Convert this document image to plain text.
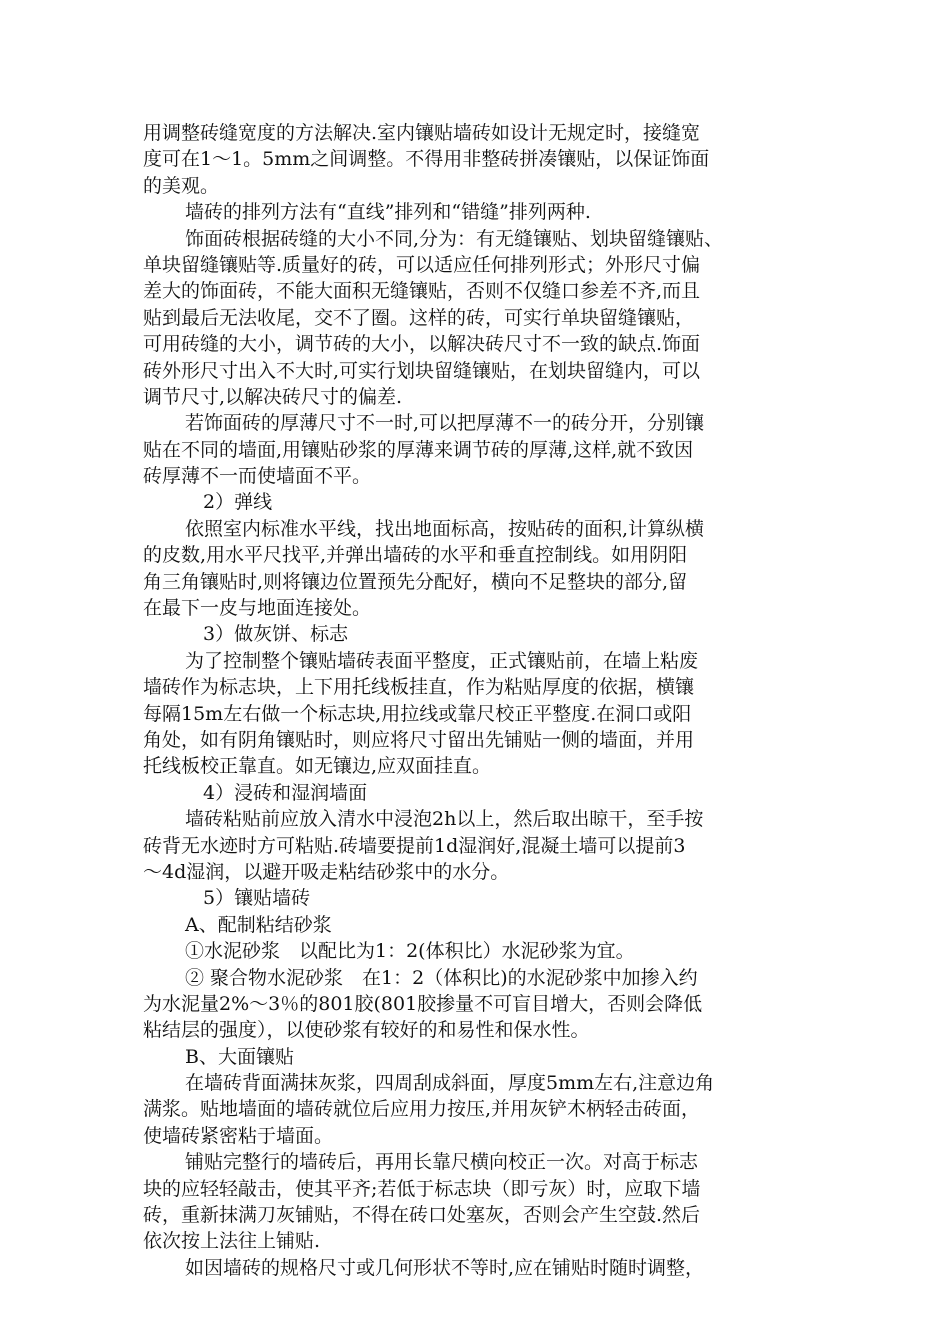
用调整砖缝宽度的方法解决.室内镶贴墙砖如设计无规定时，接缝宽
度可在1～1。5mm之间调整。不得用非整砖拼凑镶贴，以保证饰面
的美观。
墙砖的排列方法有“直线”排列和“错缝”排列两种.
饰面砖根据砖缝的大小不同,分为：有无缝镶贴、划块留缝镶贴、
单块留缝镶贴等.质量好的砖，可以适应任何排列形式；外形尺寸偏
差大的饰面砖，不能大面积无缝镶贴，否则不仅缝口参差不齐,而且
贴到最后无法收尾，交不了圈。这样的砖，可实行单块留缝镶贴，
可用砖缝的大小，调节砖的大小，以解决砖尺寸不一致的缺点.饰面
砖外形尺寸出入不大时,可实行划块留缝镶贴，在划块留缝内，可以
调节尺寸,以解决砖尺寸的偏差.
若饰面砖的厚薄尺寸不一时,可以把厚薄不一的砖分开，分别镶
贴在不同的墙面,用镶贴砂浆的厚薄来调节砖的厚薄,这样,就不致因
砖厚薄不一而使墙面不平。
2）弹线
依照室内标准水平线，找出地面标高，按贴砖的面积,计算纵横
的皮数,用水平尺找平,并弹出墙砖的水平和垂直控制线。如用阴阳
角三角镶贴时,则将镶边位置预先分配好，横向不足整块的部分,留
在最下一皮与地面连接处。
3）做灰饼、标志
为了控制整个镶贴墙砖表面平整度，正式镶贴前，在墙上粘废
墙砖作为标志块，上下用托线板挂直，作为粘贴厚度的依据，横镶
每隔15m左右做一个标志块,用拉线或靠尺校正平整度.在洞口或阳
角处，如有阴角镶贴时，则应将尺寸留出先铺贴一侧的墙面，并用
托线板校正靠直。如无镶边,应双面挂直。
4）浸砖和湿润墙面
墙砖粘贴前应放入清水中浸泡2h以上，然后取出晾干，至手按
砖背无水迹时方可粘贴.砖墙要提前1d湿润好,混凝土墙可以提前3
～4d湿润，以避开吸走粘结砂浆中的水分。
5）镶贴墙砖
A、配制粘结砂浆
①水泥砂浆　以配比为1：2(体积比）水泥砂浆为宜。
② 聚合物水泥砂浆　在1：2（体积比)的水泥砂浆中加掺入约
为水泥量2%～3％的801胶(801胶掺量不可盲目增大，否则会降低
粘结层的强度），以使砂浆有较好的和易性和保水性。
B、大面镶贴
在墙砖背面满抹灰浆，四周刮成斜面，厚度5mm左右,注意边角
满浆。贴地墙面的墙砖就位后应用力按压,并用灰铲木柄轻击砖面，
使墙砖紧密粘于墙面。
铺贴完整行的墙砖后，再用长靠尺横向校正一次。对高于标志
块的应轻轻敲击，使其平齐;若低于标志块（即亏灰）时，应取下墙
砖，重新抹满刀灰铺贴，不得在砖口处塞灰，否则会产生空鼓.然后
依次按上法往上铺贴.
如因墙砖的规格尺寸或几何形状不等时,应在铺贴时随时调整，
